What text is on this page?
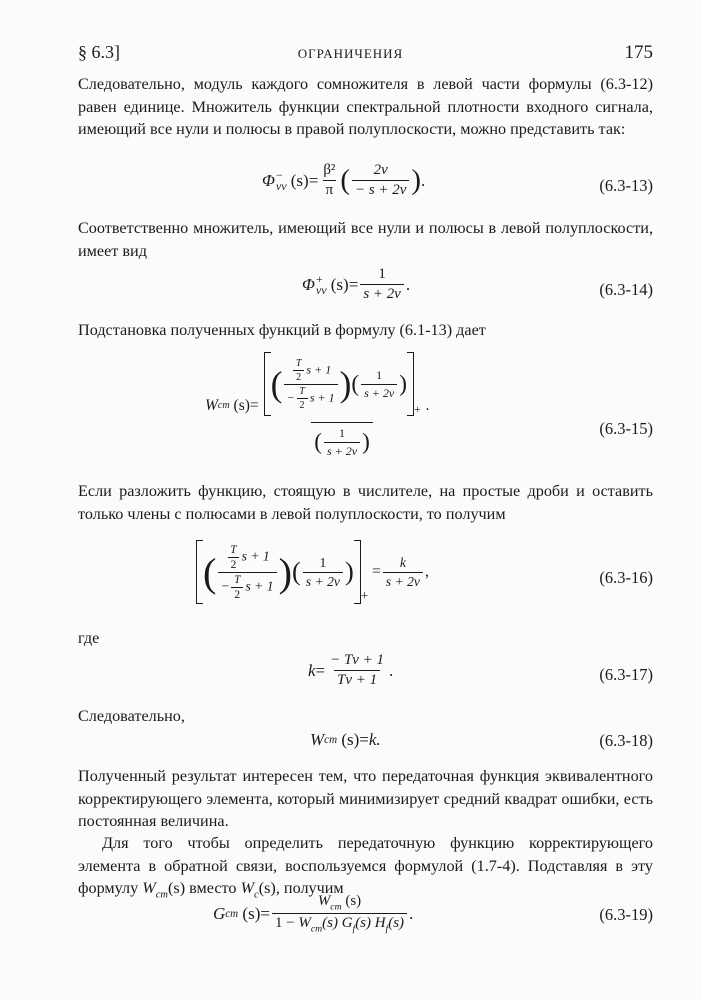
§ 6.3]	ОГРАНИЧЕНИЯ	175
Следовательно, модуль каждого сомножителя в левой части формулы (6.3-12) равен единице. Множитель функции спектральной плотности входного сигнала, имеющий все нули и полюсы в правой полуплоскости, можно представить так:
Φ −
vv
$(s) = \frac{\text{β²}}{\pi}$ ( $\frac{2\nu}{- s + 2\nu}$ ) .	(6.3-13)
Соответственно множитель, имеющий все нули и полюсы в левой полуплоскости, имеет вид
Φ +
vv
$(s) = \frac{1}{s + 2\nu}$ .	(6.3-14)
Подстановка полученных функций в формулу (6.1-13) дает
W cm
(s) =
( $\frac{\frac{T}{2} s + 1}{- \frac{T}{2} s + 1}$ ) ( $\frac{1}{s + 2\nu}$ )
+
( $\frac{1}{s + 2\nu}$ )
.
(6.3-15)
Если разложить функцию, стоящую в числителе, на простые дроби и оставить только члены с полюсами в левой полуплоскости, то получим
( $\frac{\frac{T}{2} s + 1}{- \frac{T}{2} s + 1}$ ) ( $\frac{1}{s + 2\nu}$ )
+

= $\frac{k}{s + 2\nu}$ ,	(6.3-16)
где
$k = \frac{- T\nu + 1}{T\nu + 1}$ .	(6.3-17)
Следовательно,
W cm
(s) = k.	(6.3-18)
Полученный результат интересен тем, что передаточная функция эквивалентного корректирующего элемента, который минимизирует средний квадрат ошибки, есть постоянная величина.
Для того чтобы определить передаточную функцию корректирующего элемента в обратной связи, воспользуемся формулой (1.7-4). Подставляя в эту формулу $W_{cm}(s)$ вместо $W_c(s)$, получим
G cm
$(s) = \frac{W_{cm} (s)}{1 - W_{cm}(s) G_f(s) H_f(s)}$ .	(6.3-19)
